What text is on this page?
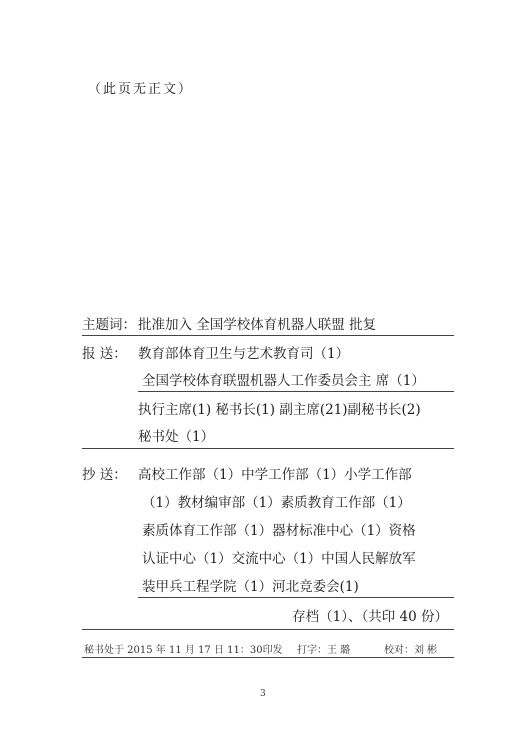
（此页无正文）
主题词： 批准加入 全国学校体育机器人联盟 批复
报 送： 教育部体育卫生与艺术教育司（1）
全国学校体育联盟机器人工作委员会主 席（1）
执行主席(1) 秘书长(1) 副主席(21)副秘书长(2)
秘书处（1）
抄 送： 高校工作部（1）中学工作部（1）小学工作部
（1）教材编审部（1）素质教育工作部（1）
素质体育工作部（1）器材标准中心（1）资格
认证中心（1）交流中心（1）中国人民解放军
装甲兵工程学院（1）河北竞委会(1)
存档（1）、（共印 40 份）
秘书处于 2015 年 11 月 17 日 11：30印发 打字：王 璐	校对：刘 彬
3
